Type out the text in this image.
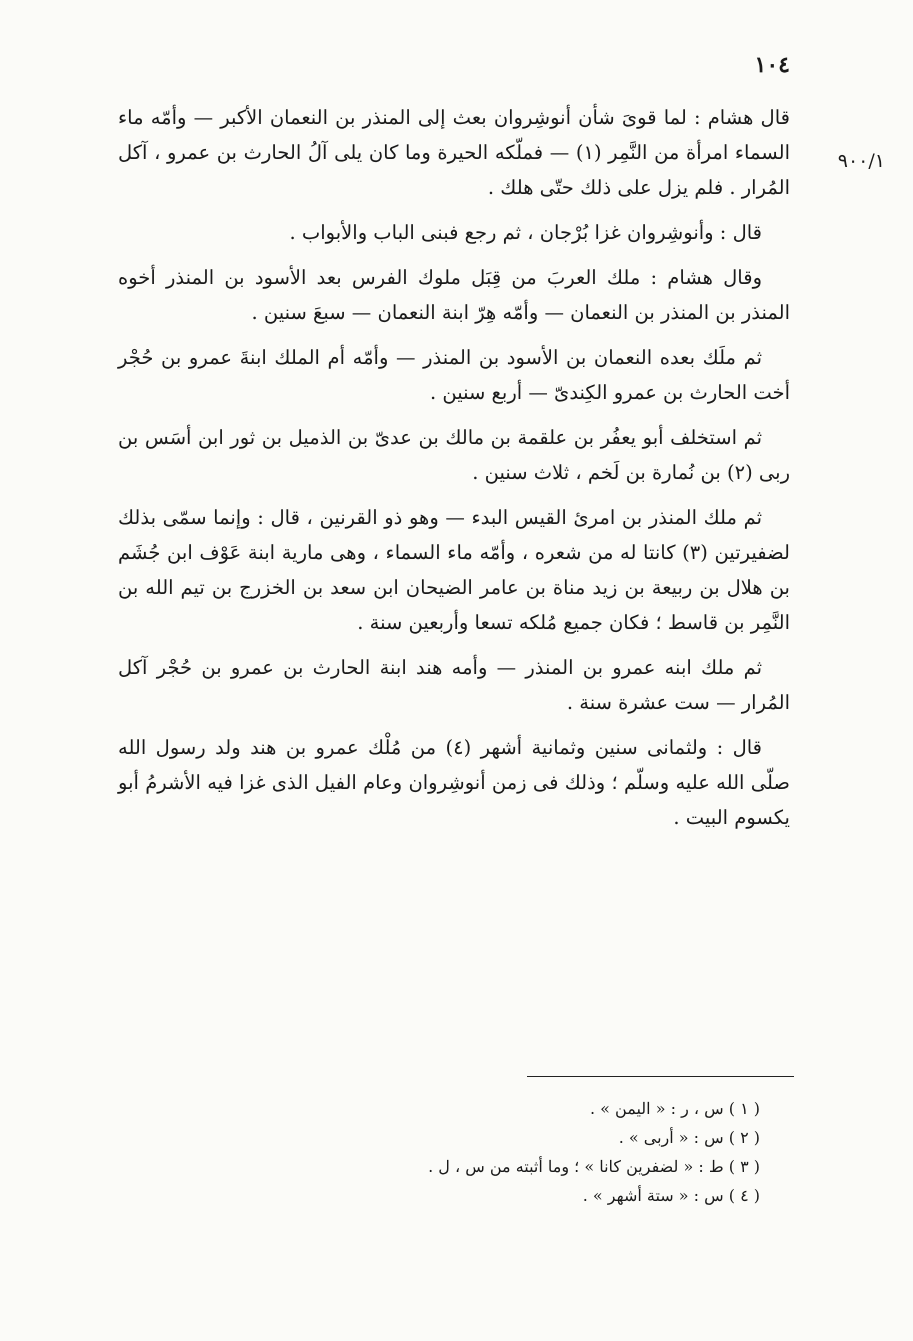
١٠٤
٩٠٠/١

قال هشام : لما قوىَ شأن أنوشِروان بعث إلى المنذر بن النعمان الأكبر — وأمّه ماء السماء امرأة من النَّمِر (١) — فملّكه الحيرة وما كان يلى آلُ الحارث بن عمرو ، آكل المُرار . فلم يزل على ذلك حتّى هلك .

قال : وأنوشِروان غزا بُرْجان ، ثم رجع فبنى الباب والأبواب .

وقال هشام : ملك العربَ من قِبَل ملوك الفرس بعد الأسود بن المنذر أخوه المنذر بن المنذر بن النعمان — وأمّه هِرّ ابنة النعمان — سبعَ سنين .

ثم ملَك بعده النعمان بن الأسود بن المنذر — وأمّه أم الملك ابنةَ عمرو بن حُجْر أخت الحارث بن عمرو الكِندىّ — أربع سنين .

ثم استخلف أبو يعفُر بن علقمة بن مالك بن عدىّ بن الذميل بن ثور ابن أسَس بن ربى (٢) بن نُمارة بن لَخم ، ثلاث سنين .

ثم ملك المنذر بن امرئ القيس البدء — وهو ذو القرنين ، قال : وإنما سمّى بذلك لضفيرتين (٣) كانتا له من شعره ، وأمّه ماء السماء ، وهى مارية ابنة عَوْف ابن جُشَم بن هلال بن ربيعة بن زيد مناة بن عامر الضيحان ابن سعد بن الخزرج بن تيم الله بن النَّمِر بن قاسط ؛ فكان جميع مُلكه تسعا وأربعين سنة .

ثم ملك ابنه عمرو بن المنذر — وأمه هند ابنة الحارث بن عمرو بن حُجْر آكل المُرار — ست عشرة سنة .

قال : ولثمانى سنين وثمانية أشهر (٤) من مُلْك عمرو بن هند ولد رسول الله صلّى الله عليه وسلّم ؛ وذلك فى زمن أنوشِروان وعام الفيل الذى غزا فيه الأشرمُ أبو يكسوم البيت .

( ١ ) س ، ر : « اليمن » .

( ٢ ) س : « أربى » .

( ٣ ) ط : « لضفرين كانا » ؛ وما أثبته من س ، ل .

( ٤ ) س : « ستة أشهر » .
